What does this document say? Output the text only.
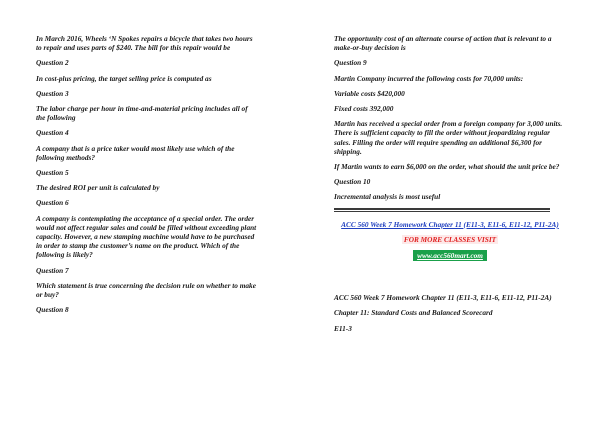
In March 2016, Wheels ‘N Spokes repairs a bicycle that takes two hours to repair and uses parts of $240. The bill for this repair would be

Question 2

In cost-plus pricing, the target selling price is computed as

Question 3

The labor charge per hour in time-and-material pricing includes all of the following

Question 4

A company that is a price taker would most likely use which of the following methods?

Question 5

The desired ROI per unit is calculated by

Question 6

A company is contemplating the acceptance of a special order. The order would not affect regular sales and could be filled without exceeding plant capacity. However, a new stamping machine would have to be purchased in order to stamp the customer’s name on the product. Which of the following is likely?

Question 7

Which statement is true concerning the decision rule on whether to make or buy?

Question 8

The opportunity cost of an alternate course of action that is relevant to a make-or-buy decision is

Question 9

Martin Company incurred the following costs for 70,000 units:

Variable costs $420,000

Fixed costs 392,000

Martin has received a special order from a foreign company for 3,000 units. There is sufficient capacity to fill the order without jeopardizing regular sales. Filling the order will require spending an additional $6,300 for shipping.

If Martin wants to earn $6,000 on the order, what should the unit price be?

Question 10

Incremental analysis is most useful

ACC 560 Week 7 Homework Chapter 11 (E11-3, E11-6, E11-12, P11-2A)

FOR MORE CLASSES VISIT

www.acc560mart.com

ACC 560 Week 7 Homework Chapter 11 (E11-3, E11-6, E11-12, P11-2A)

Chapter 11: Standard Costs and Balanced Scorecard

E11-3
